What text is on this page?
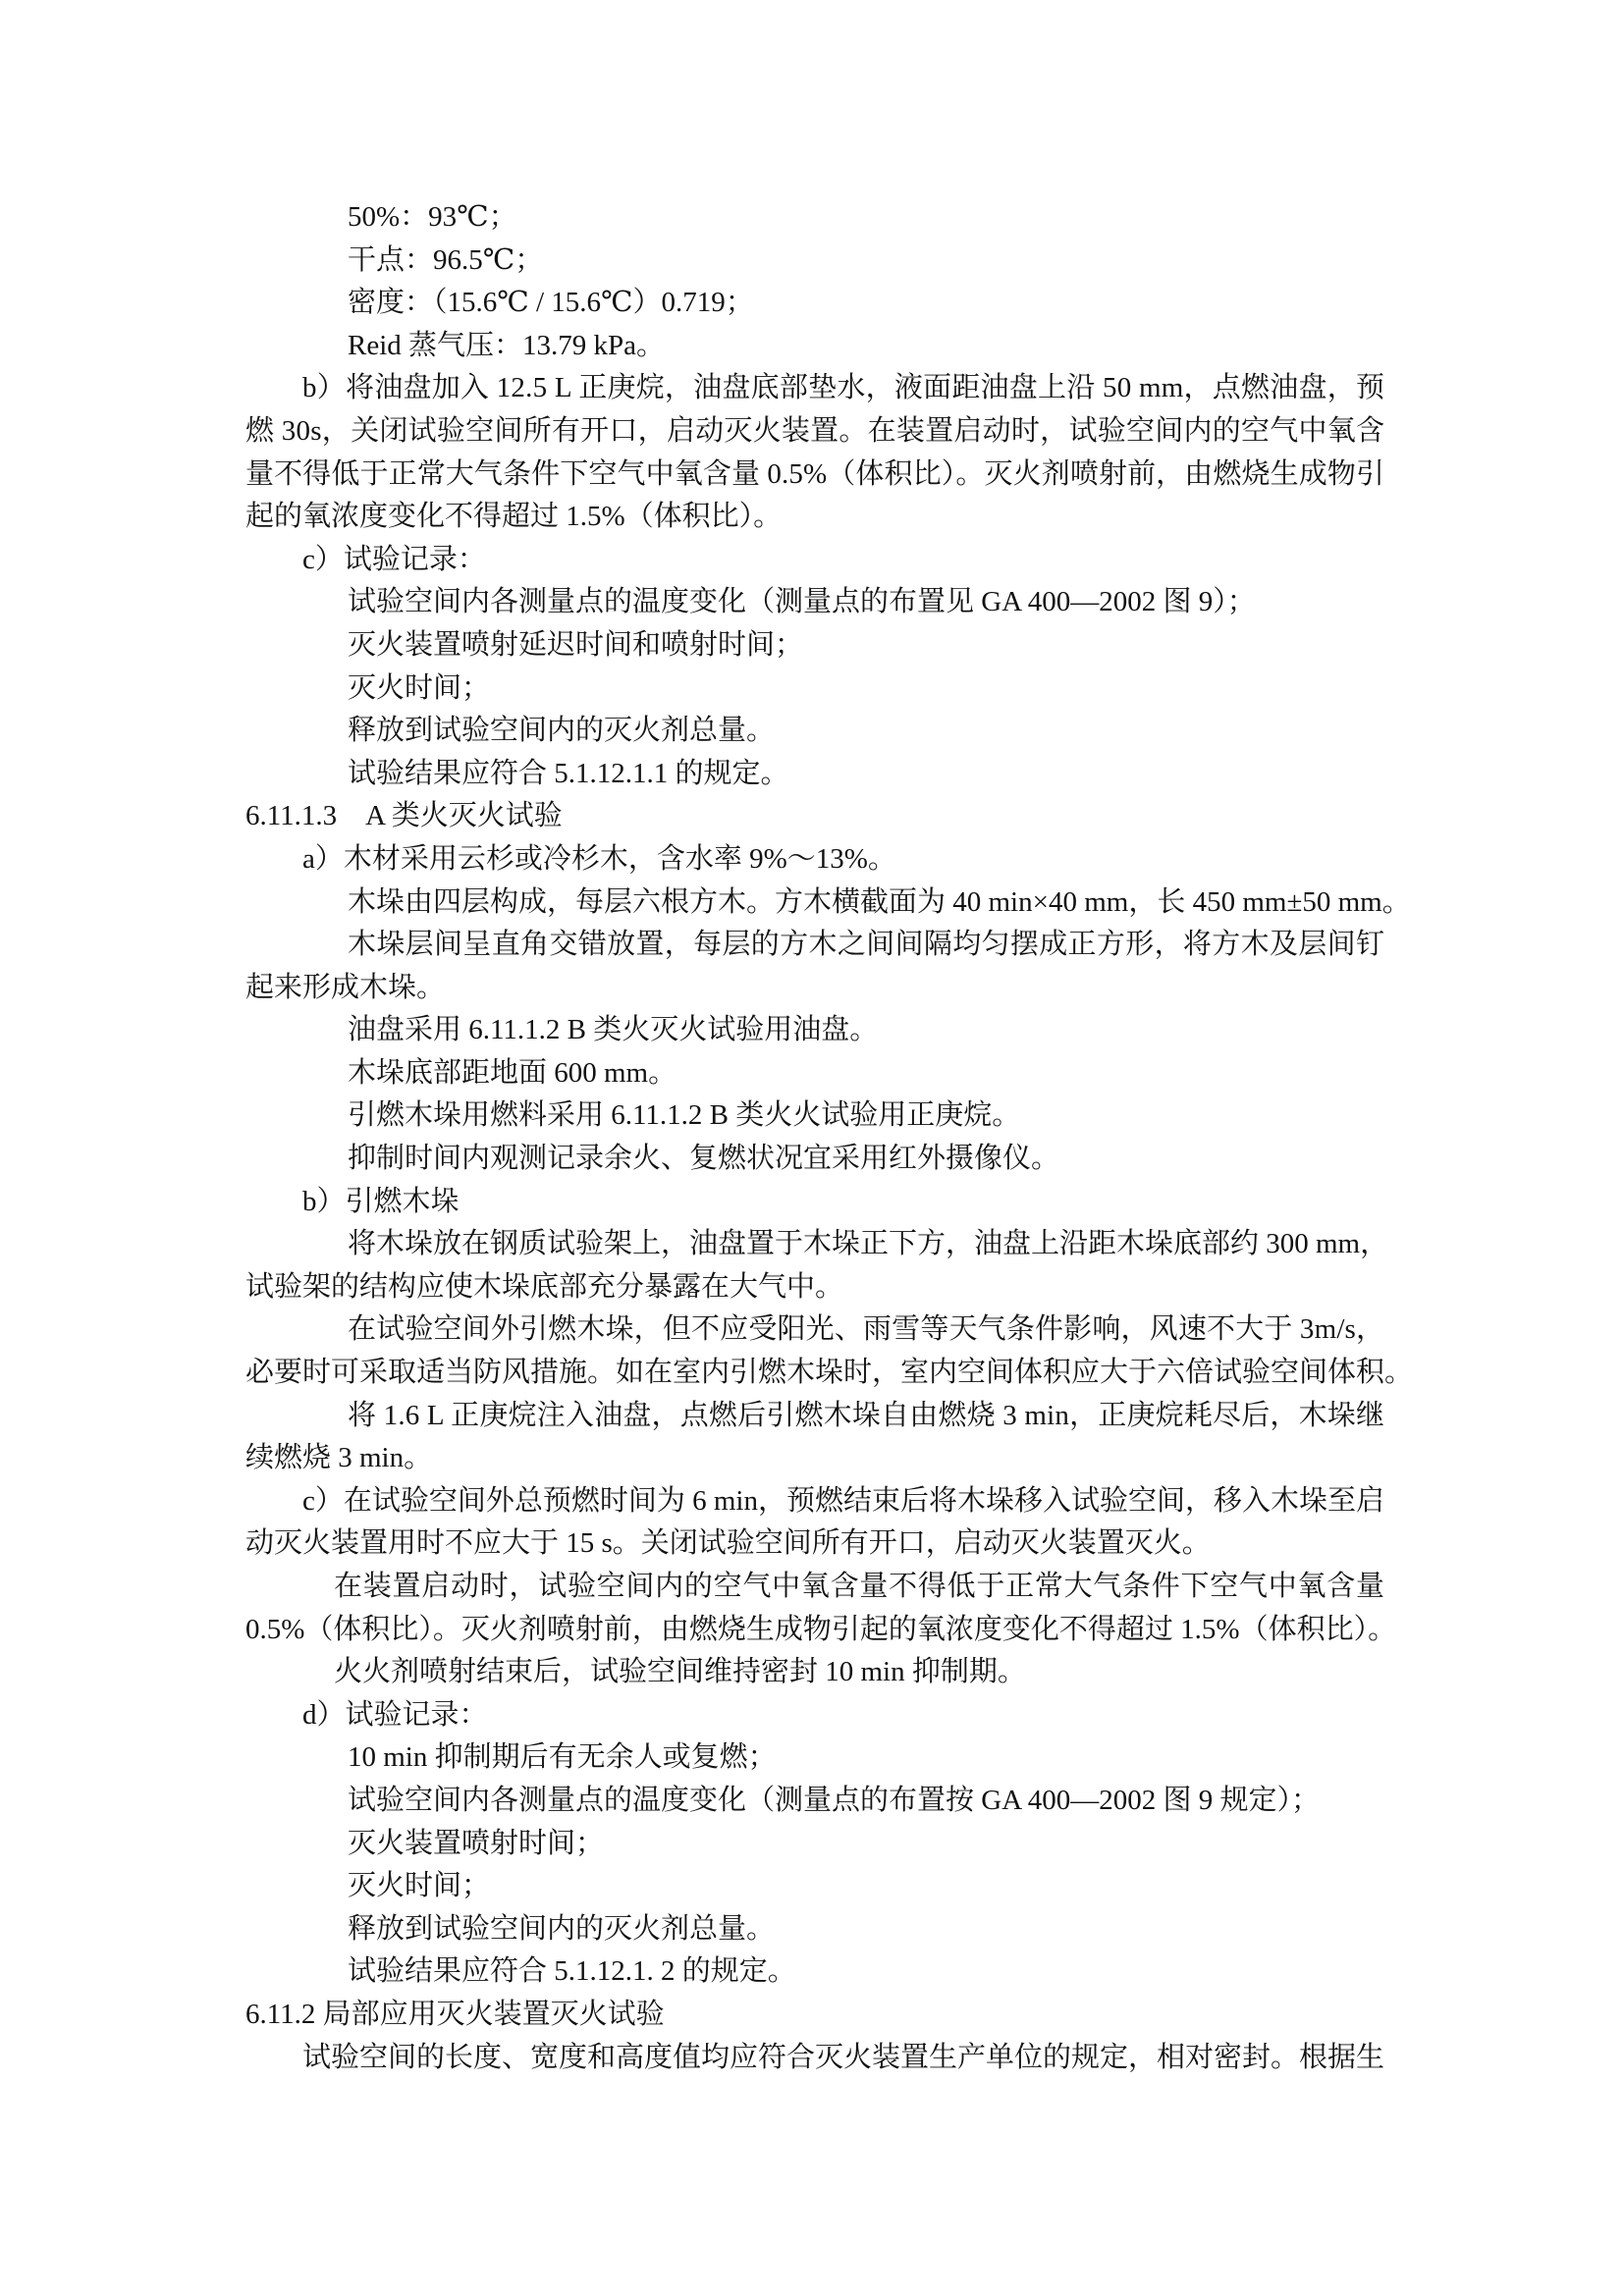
50%：93℃；
干点：96.5℃；
密度：（15.6℃ / 15.6℃）0.719；
Reid 蒸气压：13.79 kPa。
b）将油盘加入 12.5 L 正庚烷，油盘底部垫水，液面距油盘上沿 50 mm，点燃油盘，预
燃 30s，关闭试验空间所有开口，启动灭火装置。在装置启动时，试验空间内的空气中氧含
量不得低于正常大气条件下空气中氧含量 0.5%（体积比）。灭火剂喷射前，由燃烧生成物引
起的氧浓度变化不得超过 1.5%（体积比）。
c）试验记录：
试验空间内各测量点的温度变化（测量点的布置见 GA 400—2002 图 9）；
灭火装置喷射延迟时间和喷射时间；
灭火时间；
释放到试验空间内的灭火剂总量。
试验结果应符合 5.1.12.1.1 的规定。
6.11.1.3　A 类火灭火试验
a）木材采用云杉或冷杉木，含水率 9%～13%。
木垛由四层构成，每层六根方木。方木横截面为 40 min×40 mm，长 450 mm±50 mm。
木垛层间呈直角交错放置，每层的方木之间间隔均匀摆成正方形，将方木及层间钉
起来形成木垛。
油盘采用 6.11.1.2 B 类火灭火试验用油盘。
木垛底部距地面 600 mm。
引燃木垛用燃料采用 6.11.1.2 B 类火火试验用正庚烷。
抑制时间内观测记录余火、复燃状况宜采用红外摄像仪。
b）引燃木垛
将木垛放在钢质试验架上，油盘置于木垛正下方，油盘上沿距木垛底部约 300 mm，
试验架的结构应使木垛底部充分暴露在大气中。
在试验空间外引燃木垛，但不应受阳光、雨雪等天气条件影响，风速不大于 3m/s，
必要时可采取适当防风措施。如在室内引燃木垛时，室内空间体积应大于六倍试验空间体积。
将 1.6 L 正庚烷注入油盘，点燃后引燃木垛自由燃烧 3 min，正庚烷耗尽后，木垛继
续燃烧 3 min。
c）在试验空间外总预燃时间为 6 min，预燃结束后将木垛移入试验空间，移入木垛至启
动灭火装置用时不应大于 15 s。关闭试验空间所有开口，启动灭火装置灭火。
在装置启动时，试验空间内的空气中氧含量不得低于正常大气条件下空气中氧含量
0.5%（体积比）。灭火剂喷射前，由燃烧生成物引起的氧浓度变化不得超过 1.5%（体积比）。
火火剂喷射结束后，试验空间维持密封 10 min 抑制期。
d）试验记录：
10 min 抑制期后有无余人或复燃；
试验空间内各测量点的温度变化（测量点的布置按 GA 400—2002 图 9 规定）；
灭火装置喷射时间；
灭火时间；
释放到试验空间内的灭火剂总量。
试验结果应符合 5.1.12.1. 2 的规定。
6.11.2 局部应用灭火装置灭火试验
试验空间的长度、宽度和高度值均应符合灭火装置生产单位的规定，相对密封。根据生
